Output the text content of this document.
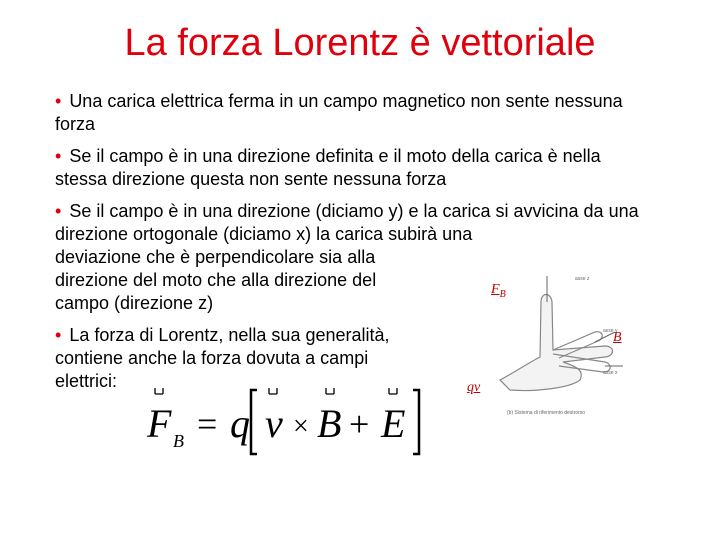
La forza Lorentz è vettoriale
• Una carica elettrica ferma in un campo magnetico non sente nessuna forza
• Se il campo è in una direzione definita e il moto della carica è nella stessa direzione questa non sente nessuna forza
• Se il campo è in una direzione (diciamo y) e la carica si avvicina da una direzione ortogonale (diciamo x) la carica subirà una
deviazione che è perpendicolare sia alla
direzione del moto che alla direzione del
campo (direzione z)
• La forza di Lorentz, nella sua generalità,
contiene anche la forza dovuta a campi
elettrici:
F B = q v × B + E
asse z
asse y
asse x
(b) Sistema di riferimento destrorso
$F_B$
B
qv
